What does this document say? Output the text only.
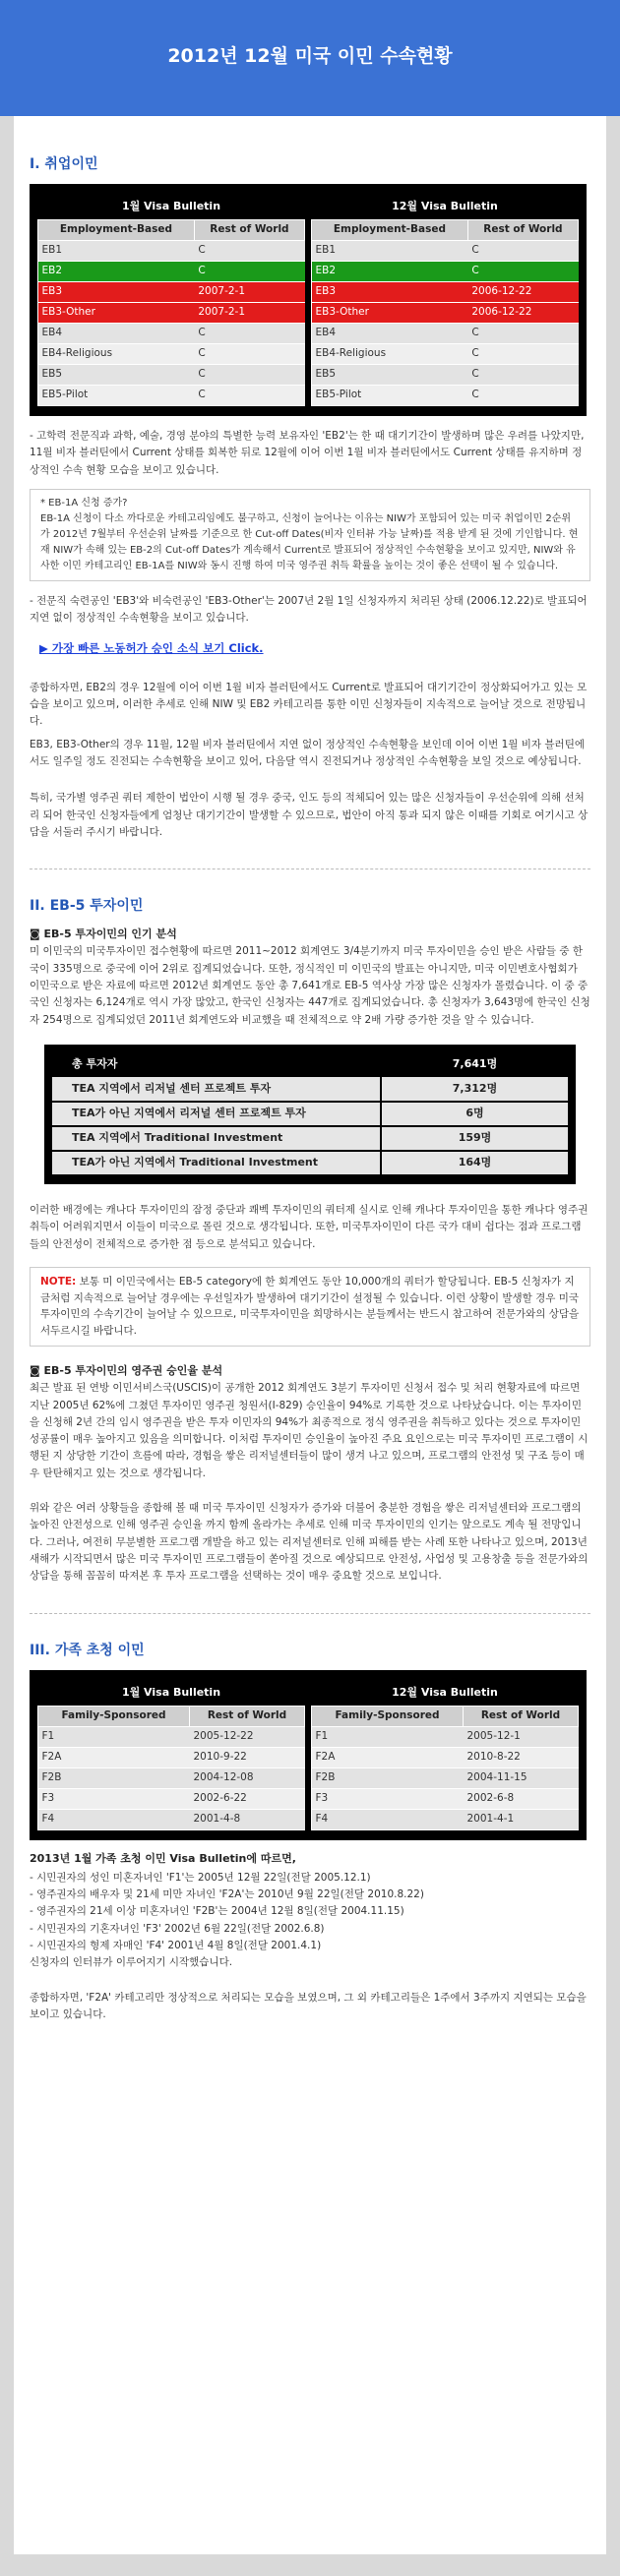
2012년 12월 미국 이민 수속현황
I. 취업이민
1월 Visa Bulletin
Employment-Based	Rest of World
EB1	C
EB2	C
EB3	2007-2-1
EB3-Other	2007-2-1
EB4	C
EB4-Religious	C
EB5	C
EB5-Pilot	C
12월 Visa Bulletin
Employment-Based	Rest of World
EB1	C
EB2	C
EB3	2006-12-22
EB3-Other	2006-12-22
EB4	C
EB4-Religious	C
EB5	C
EB5-Pilot	C

- 고학력 전문직과 과학, 예술, 경영 분야의 특별한 능력 보유자인 'EB2'는 한 때 대기기간이 발생하며 많은 우려를 나았지만, 11월 비자 블러틴에서 Current 상태를 회복한 뒤로 12월에 이어 이번 1월 비자 블러틴에서도 Current 상태를 유지하며 정상적인 수속 현황 모습을 보이고 있습니다.

* EB-1A 신청 증가?
EB-1A 신청이 다소 까다로운 카테고리임에도 불구하고, 신청이 늘어나는 이유는 NIW가 포함되어 있는 미국 취업이민 2순위가 2012년 7월부터 우선순위 날짜를 기준으로 한 Cut-off Dates(비자 인터뷰 가능 날짜)를 적용 받게 된 것에 기인합니다. 현재 NIW가 속해 있는 EB-2의 Cut-off Dates가 계속해서 Current로 발표되어 정상적인 수속현황을 보이고 있지만, NIW와 유사한 이민 카테고리인 EB-1A를 NIW와 동시 진행 하여 미국 영주권 취득 확률을 높이는 것이 좋은 선택이 될 수 있습니다.

- 전문직 숙련공인 'EB3'와 비숙련공인 'EB3-Other'는 2007년 2월 1일 신청자까지 처리된 상태 (2006.12.22)로 발표되어 지연 없이 정상적인 수속현황을 보이고 있습니다.

▶ 가장 빠른 노동허가 승인 소식 보기 Click.

종합하자면, EB2의 경우 12월에 이어 이번 1월 비자 블러틴에서도 Current로 발표되어 대기기간이 정상화되어가고 있는 모습을 보이고 있으며, 이러한 추세로 인해 NIW 및 EB2 카테고리를 통한 이민 신청자들이 지속적으로 늘어날 것으로 전망됩니다.

EB3, EB3-Other의 경우 11월, 12월 비자 블러틴에서 지연 없이 정상적인 수속현황을 보인데 이어 이번 1월 비자 블러틴에서도 일주일 정도 진전되는 수속현황을 보이고 있어, 다음달 역시 진전되거나 정상적인 수속현황을 보일 것으로 예상됩니다.

특히, 국가별 영주권 쿼터 제한이 법안이 시행 될 경우 중국, 인도 등의 적체되어 있는 많은 신청자들이 우선순위에 의해 선처리 되어 한국인 신청자들에게 엄청난 대기기간이 발생할 수 있으므로, 법안이 아직 통과 되지 않은 이때를 기회로 여기시고 상담을 서둘러 주시기 바랍니다.

II. EB-5 투자이민
◙ EB-5 투자이민의 인기 분석

미 이민국의 미국투자이민 접수현황에 따르면 2011~2012 회계연도 3/4분기까지 미국 투자이민을 승인 받은 사람들 중 한국이 335명으로 중국에 이어 2위로 집계되었습니다. 또한, 정식적인 미 이민국의 발표는 아니지만, 미국 이민변호사협회가 이민국으로 받은 자료에 따르면 2012년 회계연도 동안 총 7,641개로 EB-5 역사상 가장 많은 신청자가 몰렸습니다. 이 중 중국인 신청자는 6,124개로 역시 가장 많았고, 한국인 신청자는 447개로 집계되었습니다. 총 신청자가 3,643명에 한국인 신청자 254명으로 집계되었던 2011년 회계연도와 비교했을 때 전체적으로 약 2배 가량 증가한 것을 알 수 있습니다.

총 투자자	7,641명
TEA 지역에서 리저널 센터 프로젝트 투자	7,312명
TEA가 아닌 지역에서 리저널 센터 프로젝트 투자	6명
TEA 지역에서 Traditional Investment	159명
TEA가 아닌 지역에서 Traditional Investment	164명

이러한 배경에는 캐나다 투자이민의 잠정 중단과 쾌벡 투자이민의 쿼터제 실시로 인해 캐나다 투자이민을 통한 캐나다 영주권 취득이 어려워지면서 이들이 미국으로 몰린 것으로 생각됩니다. 또한, 미국투자이민이 다른 국가 대비 쉽다는 점과 프로그램들의 안전성이 전체적으로 증가한 점 등으로 분석되고 있습니다.

NOTE: 보통 미 이민국에서는 EB-5 category에 한 회계연도 동안 10,000개의 쿼터가 할당됩니다. EB-5 신청자가 지금처럼 지속적으로 늘어날 경우에는 우선일자가 발생하여 대기기간이 설정될 수 있습니다. 이런 상황이 발생할 경우 미국투자이민의 수속기간이 늘어날 수 있으므로, 미국투자이민을 희망하시는 분들께서는 반드시 참고하여 전문가와의 상담을 서두르시길 바랍니다.
◙ EB-5 투자이민의 영주권 승인율 분석

최근 발표 된 연방 이민서비스국(USCIS)이 공개한 2012 회계연도 3분기 투자이민 신청서 접수 및 처리 현황자료에 따르면 지난 2005년 62%에 그쳤던 투자이민 영주권 청원서(I-829) 승인율이 94%로 기록한 것으로 나타났습니다. 이는 투자이민을 신청해 2년 간의 임시 영주권을 받은 투자 이민자의 94%가 최종적으로 정식 영주권을 취득하고 있다는 것으로 투자이민 성공률이 매우 높아지고 있음을 의미합니다. 이처럼 투자이민 승인율이 높아진 주요 요인으로는 미국 투자이민 프로그램이 시행된 지 상당한 기간이 흐름에 따라, 경험을 쌓은 리저널센터들이 많이 생겨 나고 있으며, 프로그램의 안전성 및 구조 등이 매우 탄탄해지고 있는 것으로 생각됩니다.

위와 같은 여러 상황들을 종합해 볼 때 미국 투자이민 신청자가 증가와 더불어 충분한 경험을 쌓은 리저널센터와 프로그램의 높아진 안전성으로 인해 영주권 승인율 까지 함께 올라가는 추세로 인해 미국 투자이민의 인기는 앞으로도 계속 될 전망입니다. 그러나, 여전히 무분별한 프로그램 개발을 하고 있는 리저널센터로 인해 피해를 받는 사례 또한 나타나고 있으며, 2013년 새해가 시작되면서 많은 미국 투자이민 프로그램들이 쏟아질 것으로 예상되므로 안전성, 사업성 및 고용창출 등을 전문가와의 상담을 통해 꼼꼼히 따져본 후 투자 프로그램을 선택하는 것이 매우 중요할 것으로 보입니다.

III. 가족 초청 이민
1월 Visa Bulletin
Family-Sponsored	Rest of World
F1	2005-12-22
F2A	2010-9-22
F2B	2004-12-08
F3	2002-6-22
F4	2001-4-8
12월 Visa Bulletin
Family-Sponsored	Rest of World
F1	2005-12-1
F2A	2010-8-22
F2B	2004-11-15
F3	2002-6-8
F4	2001-4-1
2013년 1월 가족 초청 이민 Visa Bulletin에 따르면,
- 시민권자의 성인 미혼자녀인 'F1'는 2005년 12월 22일(전달 2005.12.1)
- 영주권자의 배우자 및 21세 미만 자녀인 'F2A'는 2010년 9월 22일(전달 2010.8.22)
- 영주권자의 21세 이상 미혼자녀인 'F2B'는 2004년 12월 8일(전달 2004.11.15)
- 시민권자의 기혼자녀인 'F3' 2002년 6월 22일(전달 2002.6.8)
- 시민권자의 형제 자매인 'F4' 2001년 4월 8일(전달 2001.4.1)
신청자의 인터뷰가 이루어지기 시작했습니다.

종합하자면, 'F2A' 카테고리만 정상적으로 처리되는 모습을 보였으며, 그 외 카테고리들은 1주에서 3주까지 지연되는 모습을 보이고 있습니다.
